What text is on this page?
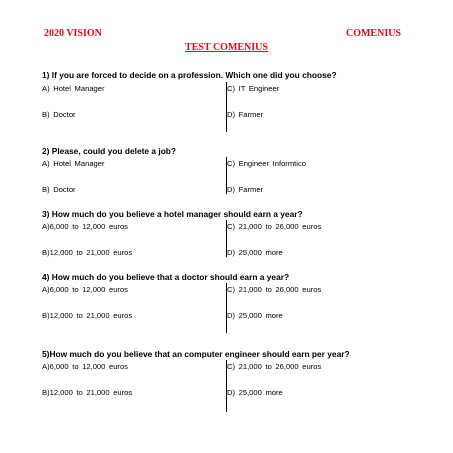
2020 VISION	COMENIUS
TEST COMENIUS
1) If you are forced to decide on a profession. Which one did you choose?
A) Hotel Manager	C) IT Engineer
B) Doctor	D) Farmer
2) Please, could you delete a job?
A) Hotel Manager	C) Engineer Informtico
B) Doctor	D) Farmer
3) How much do you believe a hotel manager should earn a year?
A)6,000 to 12,000 euros	C) 21,000 to 26,000 euros
B)12,000 to 21,000 euros	D) 25,000 more
4) How much do you believe that a doctor should earn a year?
A)6,000 to 12,000 euros	C) 21,000 to 26,000 euros
B)12,000 to 21,000 euros	D) 25,000 more
5)How much do you believe that an computer engineer should earn per year?
A)6,000 to 12,000 euros	C) 21,000 to 26,000 euros
B)12,000 to 21,000 euros	D) 25,000 more
